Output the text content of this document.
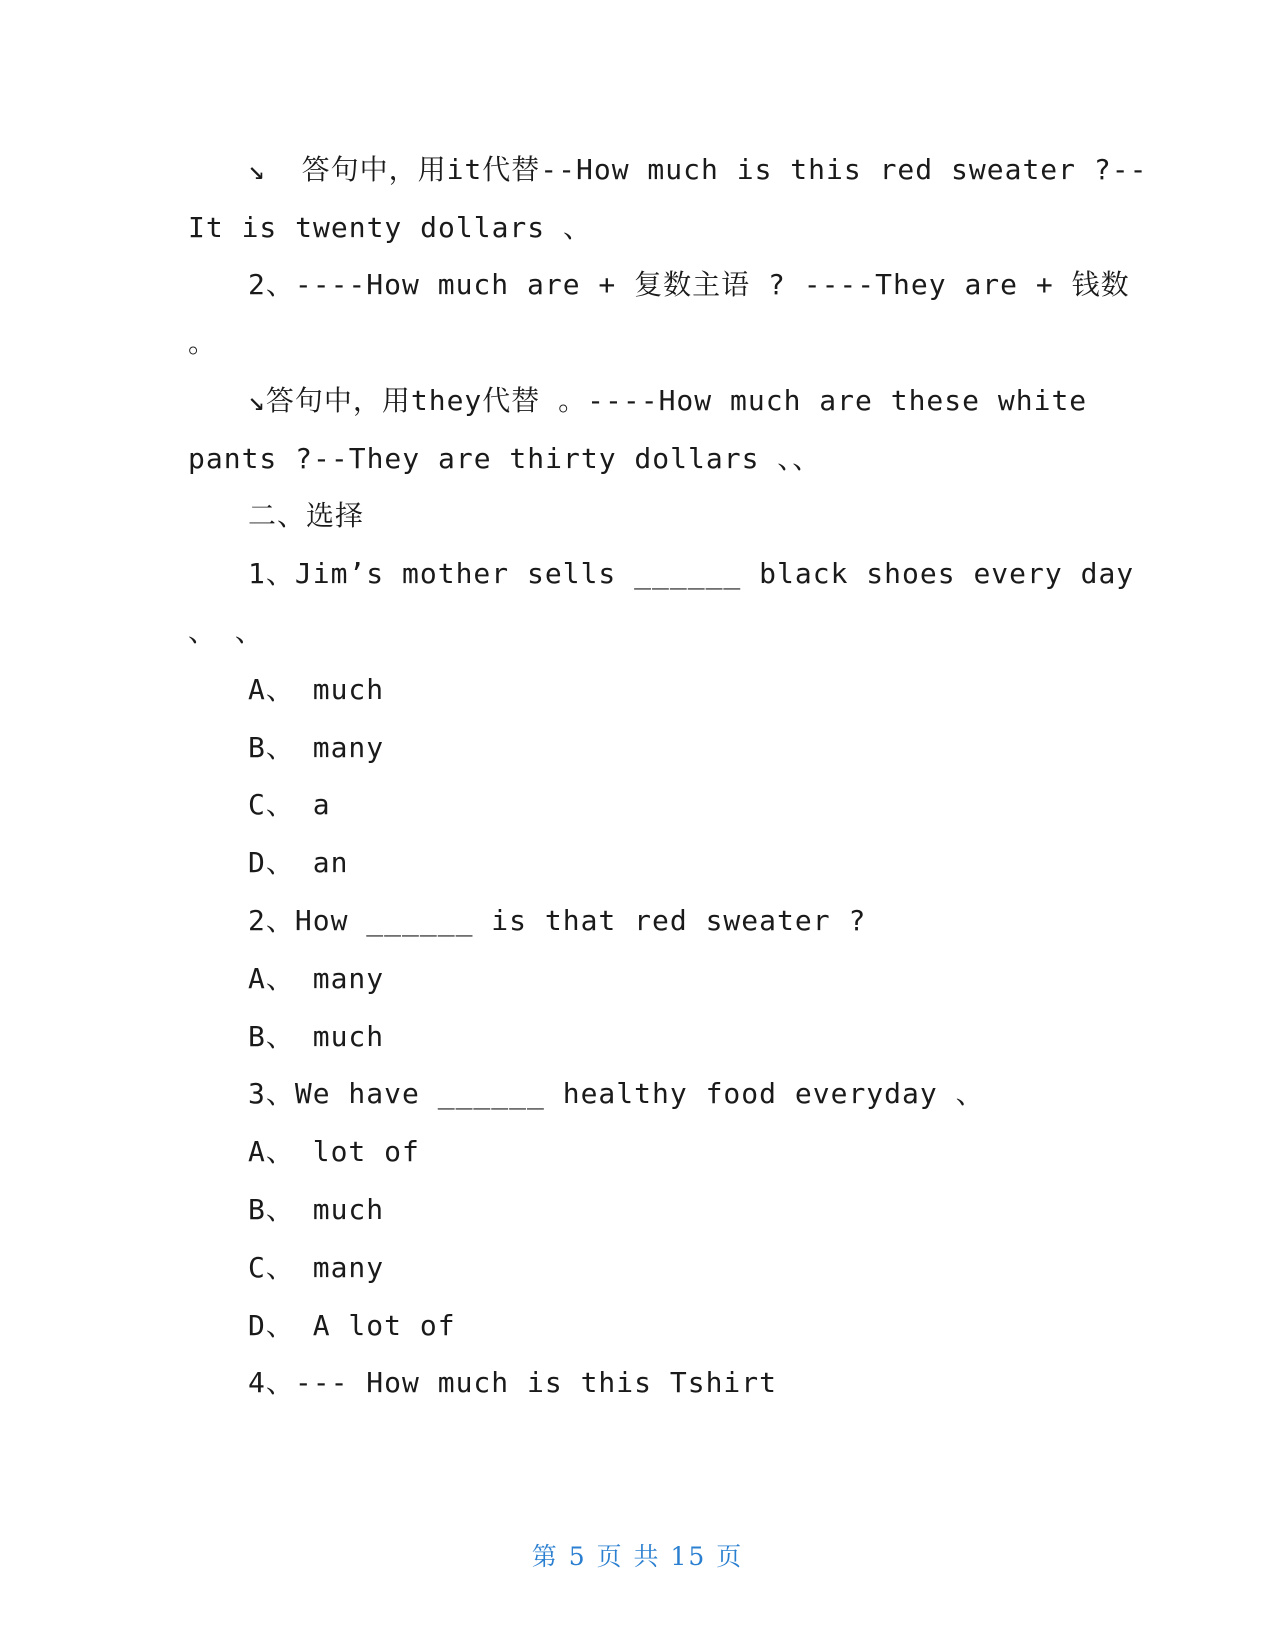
↘  答句中，用it代替--How much is this red sweater ?--
It is twenty dollars 、
2、----How much are + 复数主语 ? ----They are + 钱数
。
↘答句中，用they代替 。----How much are these white
pants ?--They are thirty dollars 、、
二、选择
1、Jim’s mother sells ______ black shoes every day
、 、
A、 much
B、 many
C、 a
D、 an
2、How ______ is that red sweater ?
A、 many
B、 much
3、We have ______ healthy food everyday 、
A、 lot of
B、 much
C、 many
D、 A lot of
4、--- How much is this Tshirt
第 5 页 共 15 页
